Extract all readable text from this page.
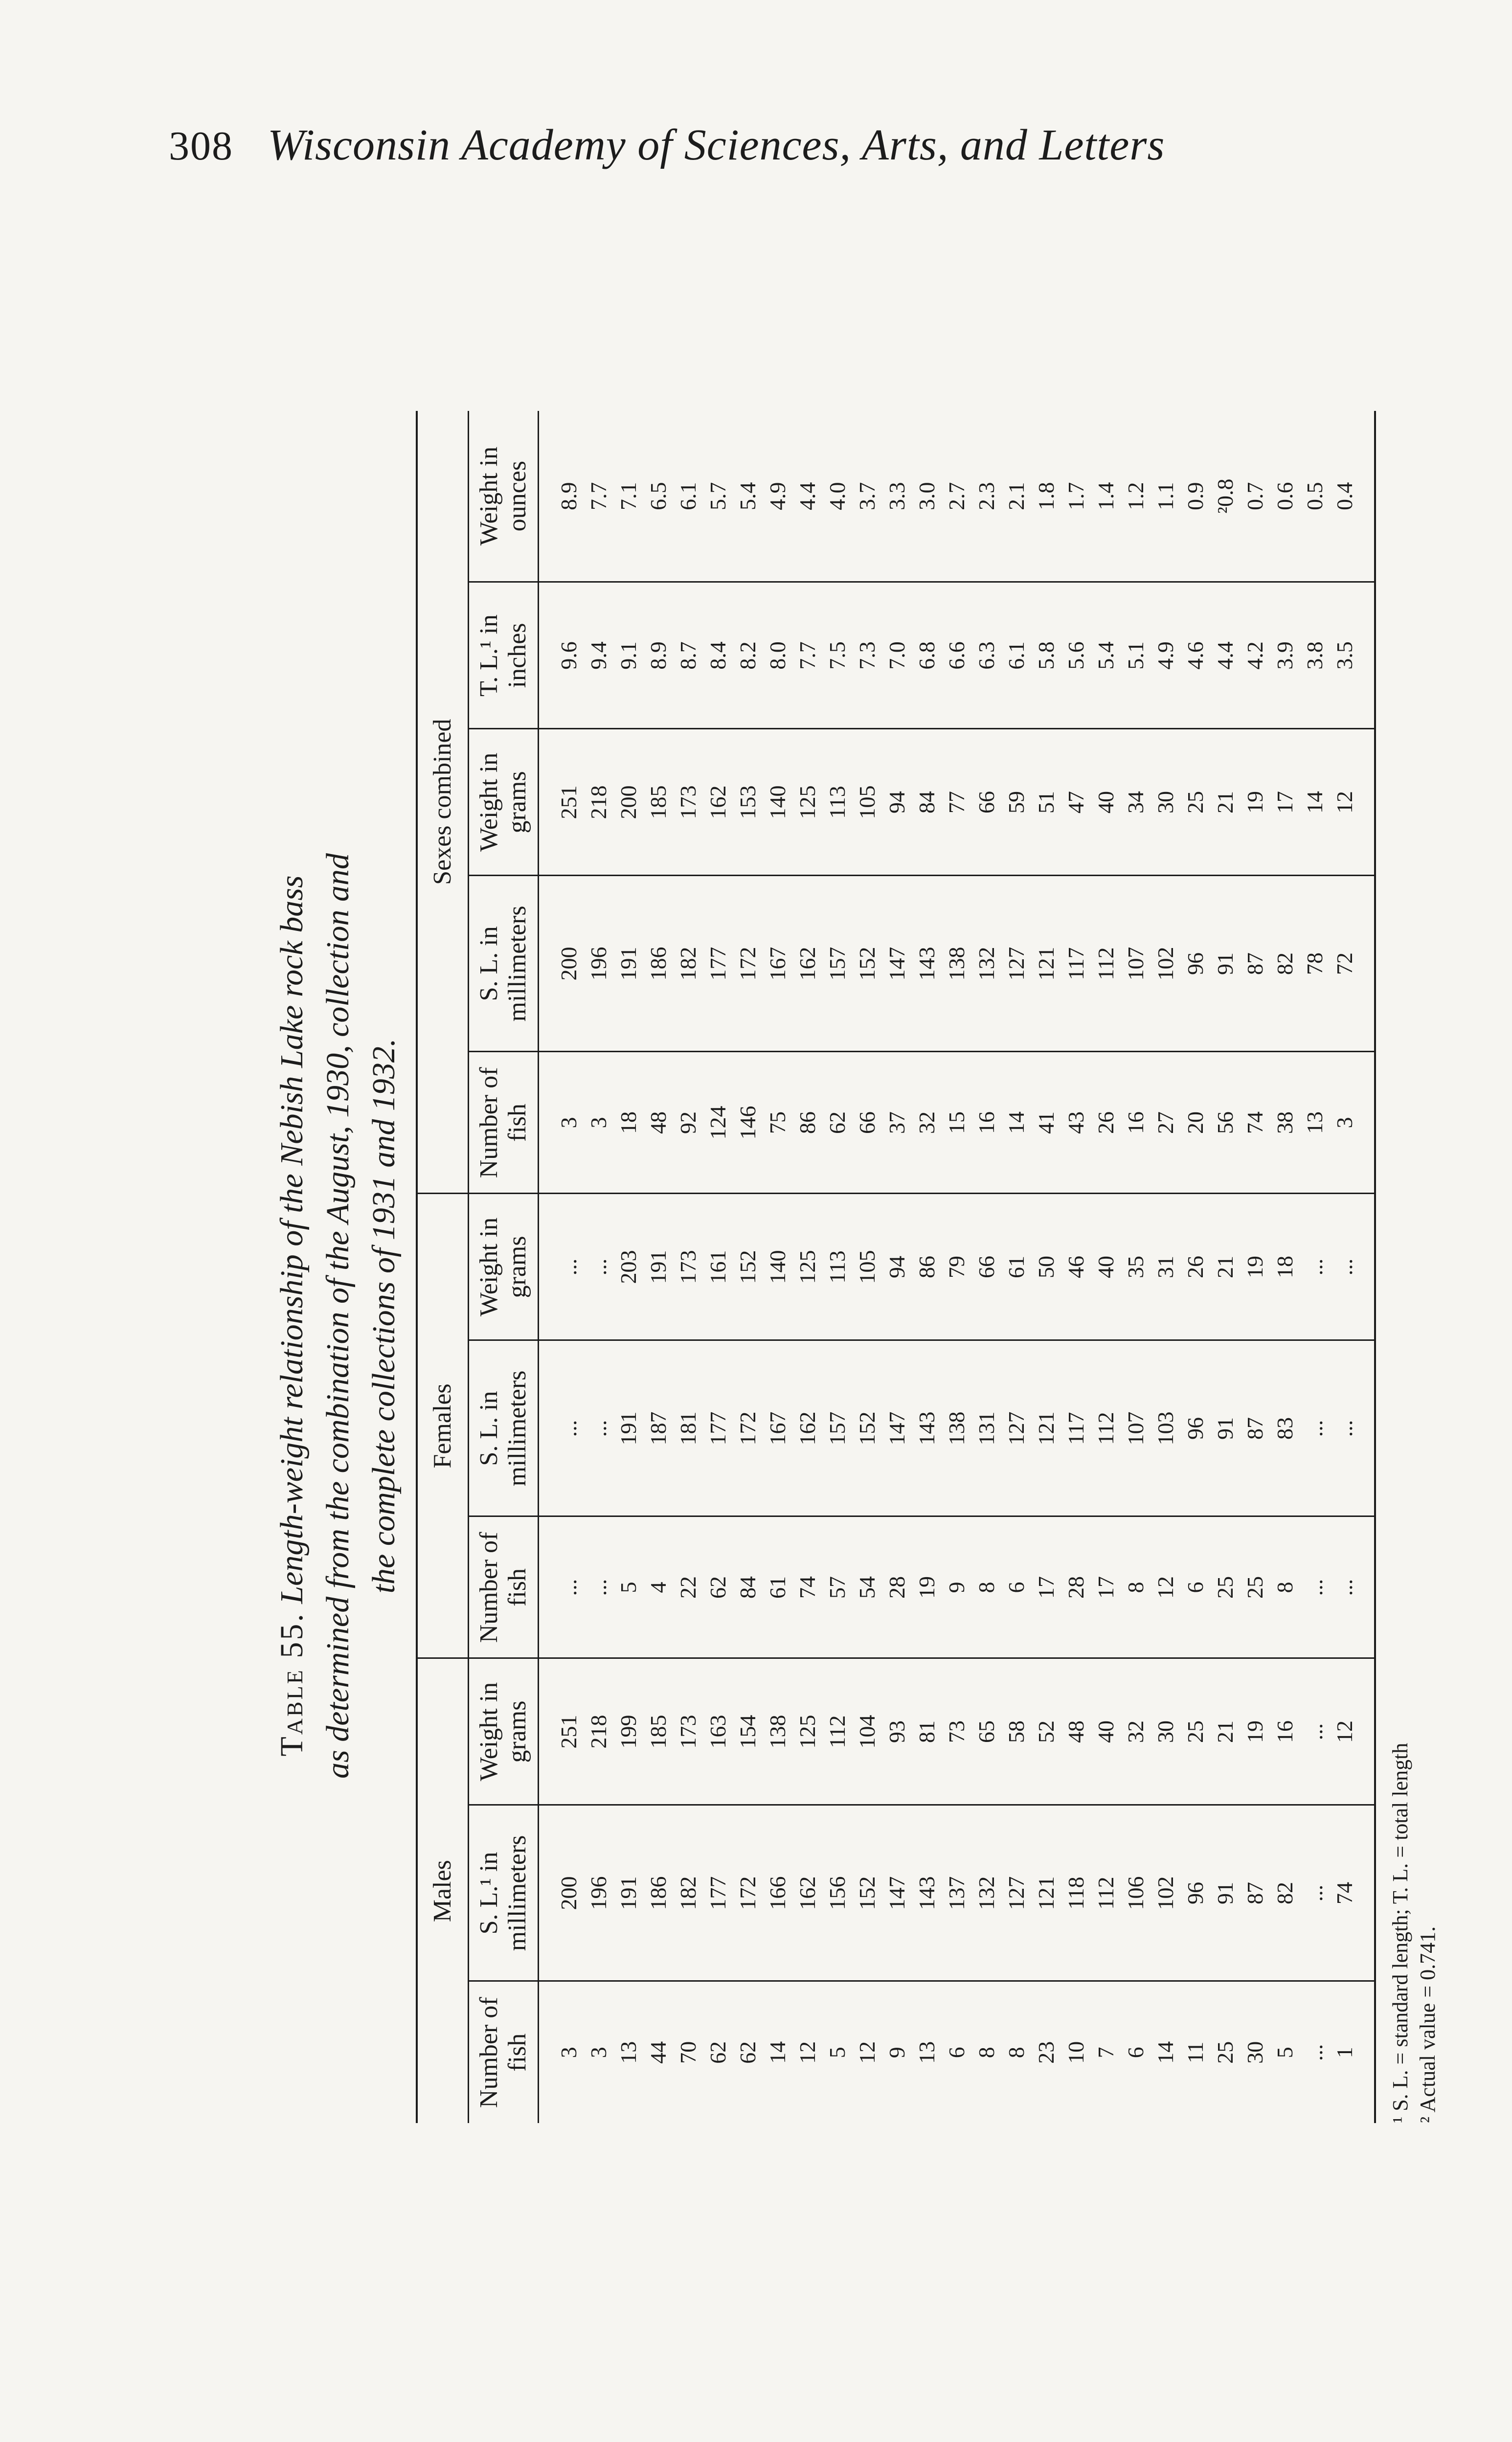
308 Wisconsin Academy of Sciences, Arts, and Letters
Table 55. Length-weight relationship of the Nebish Lake rock bass as determined from the combination of the August, 1930, collection and the complete collections of 1931 and 1932.
Males			Females			Sexes combined				
Number of fish	S. L.¹ in millimeters	Weight in grams	Number of fish	S. L. in millimeters	Weight in grams	Number of fish	S. L. in millimeters	Weight in grams	T. L.¹ in inches	Weight in ounces
3	200	251	...	...	...	3	200	251	9.6	8.9
3	196	218	...	...	...	3	196	218	9.4	7.7
13	191	199	5	191	203	18	191	200	9.1	7.1
44	186	185	4	187	191	48	186	185	8.9	6.5
70	182	173	22	181	173	92	182	173	8.7	6.1
62	177	163	62	177	161	124	177	162	8.4	5.7
62	172	154	84	172	152	146	172	153	8.2	5.4
14	166	138	61	167	140	75	167	140	8.0	4.9
12	162	125	74	162	125	86	162	125	7.7	4.4
5	156	112	57	157	113	62	157	113	7.5	4.0
12	152	104	54	152	105	66	152	105	7.3	3.7
9	147	93	28	147	94	37	147	94	7.0	3.3
13	143	81	19	143	86	32	143	84	6.8	3.0
6	137	73	9	138	79	15	138	77	6.6	2.7
8	132	65	8	131	66	16	132	66	6.3	2.3
8	127	58	6	127	61	14	127	59	6.1	2.1
23	121	52	17	121	50	41	121	51	5.8	1.8
10	118	48	28	117	46	43	117	47	5.6	1.7
7	112	40	17	112	40	26	112	40	5.4	1.4
6	106	32	8	107	35	16	107	34	5.1	1.2
14	102	30	12	103	31	27	102	30	4.9	1.1
11	96	25	6	96	26	20	96	25	4.6	0.9
25	91	21	25	91	21	56	91	21	4.4	²0.8
30	87	19	25	87	19	74	87	19	4.2	0.7
5	82	16	8	83	18	38	82	17	3.9	0.6
...	...	...	...	...	...	13	78	14	3.8	0.5
1	74	12	...	...	...	3	72	12	3.5	0.4
¹ S. L. = standard length; T. L. = total length ² Actual value = 0.741.
